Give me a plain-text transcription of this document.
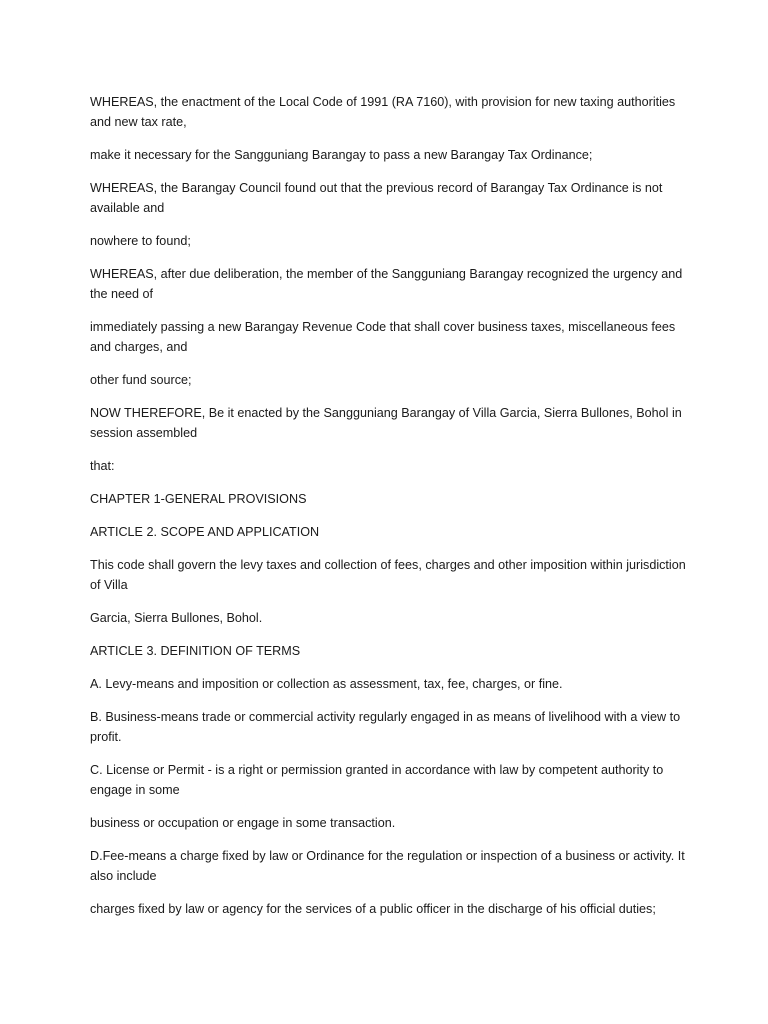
WHEREAS, the enactment of the Local Code of 1991 (RA 7160), with provision for new taxing authorities and new tax rate,

make it necessary for the Sangguniang Barangay to pass a new Barangay Tax Ordinance;

WHEREAS, the Barangay Council found out that the previous record of Barangay Tax Ordinance is not available and

nowhere to found;

WHEREAS, after due deliberation, the member of the Sangguniang Barangay recognized the urgency and the need of

immediately passing a new Barangay Revenue Code that shall cover business taxes, miscellaneous fees and charges, and

other fund source;

NOW THEREFORE, Be it enacted by the Sangguniang Barangay of Villa Garcia, Sierra Bullones, Bohol in session assembled

that:

CHAPTER 1-GENERAL PROVISIONS

ARTICLE 2. SCOPE AND APPLICATION

This code shall govern the levy taxes and collection of fees, charges and other imposition within jurisdiction of Villa

Garcia, Sierra Bullones, Bohol.

ARTICLE 3. DEFINITION OF TERMS

A. Levy-means and imposition or collection as assessment, tax, fee, charges, or fine.

B. Business-means trade or commercial activity regularly engaged in as means of livelihood with a view to profit.

C. License or Permit - is a right or permission granted in accordance with law by competent authority to engage in some

business or occupation or engage in some transaction.

D.Fee-means a charge fixed by law or Ordinance for the regulation or inspection of a business or activity. It also include

charges fixed by law or agency for the services of a public officer in the discharge of his official duties;
